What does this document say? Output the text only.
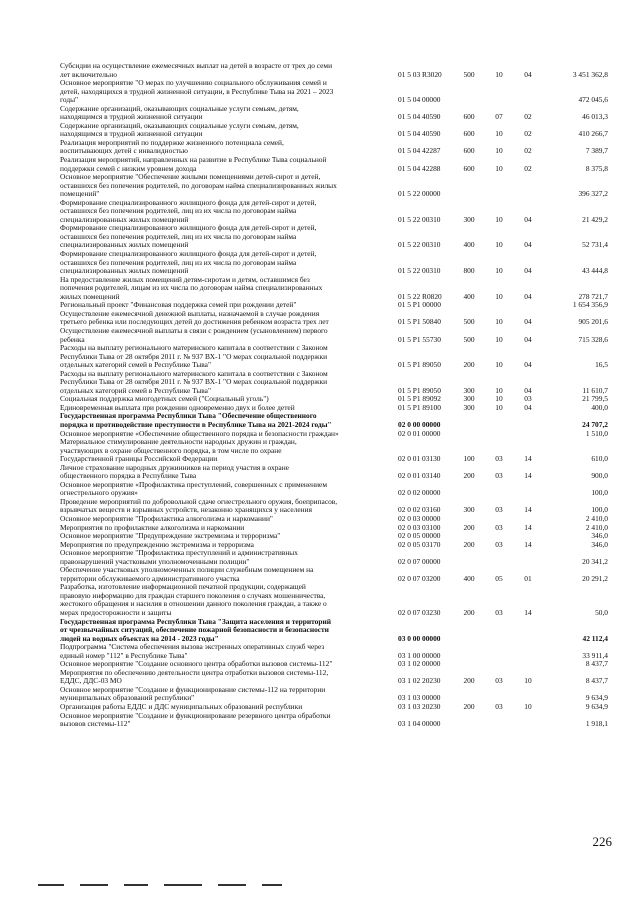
Субсидии на осуществление ежемесячных выплат на детей в возрасте от трех до семи
лет включительно	01 5 03 R3020	500	10	04	3 451 362,8
Основное мероприятие "О мерах по улучшению социального обслуживания семей и
детей, находящихся в трудной жизненной ситуации, в Республике Тыва на 2021 – 2023
годы"	01 5 04 00000	472 045,6
Содержание организаций, оказывающих социальные услуги семьям, детям,
находящимся в трудной жизненной ситуации	01 5 04 40590	600	07	02	46 013,3
Содержание организаций, оказывающих социальные услуги семьям, детям,
находящимся в трудной жизненной ситуации	01 5 04 40590	600	10	02	410 266,7
Реализация мероприятий по поддержке жизненного потенциала семей,
воспитывающих детей с инвалидностью	01 5 04 42287	600	10	02	7 389,7
Реализация мероприятий, направленных на развитие в Республике Тыва социальной
поддержки семей с низким уровнем дохода	01 5 04 42288	600	10	02	8 375,8
Основное мероприятие "Обеспечение жилыми помещениями детей-сирот и детей,
оставшихся без попечения родителей, по договорам найма специализированных жилых
помещений"	01 5 22 00000	396 327,2
Формирование специализированного жилищного фонда для детей-сирот и детей,
оставшихся без попечения родителей, лиц из их числа по договорам найма
специализированных жилых помещений	01 5 22 00310	300	10	04	21 429,2
Формирование специализированного жилищного фонда для детей-сирот и детей,
оставшихся без попечения родителей, лиц из их числа по договорам найма
специализированных жилых помещений	01 5 22 00310	400	10	04	52 731,4
Формирование специализированного жилищного фонда для детей-сирот и детей,
оставшихся без попечения родителей, лиц из их числа по договорам найма
специализированных жилых помещений	01 5 22 00310	800	10	04	43 444,8
На предоставление жилых помещений детям-сиротам и детям, оставшимся без
попечения родителей, лицам из их числа по договорам найма специализированных
жилых помещений	01 5 22 R0820	400	10	04	278 721,7
Региональный проект "Финансовая поддержка семей при рождении детей"	01 5 P1 00000	1 654 356,9
Осуществление ежемесячной денежной выплаты, назначаемой в случае рождения
третьего ребенка или последующих детей до достижения ребенком возраста трех лет	01 5 P1 50840	500	10	04	905 201,6
Осуществление ежемесячной выплаты в связи с рождением (усыновлением) первого
ребенка	01 5 P1 55730	500	10	04	715 328,6
Расходы на выплату регионального материнского капитала в соответствии с Законом
Республики Тыва от 28 октября 2011 г. № 937 ВХ-1 "О мерах социальной поддержки
отдельных категорий семей в Республике Тыва"	01 5 P1 89050	200	10	04	16,5
Расходы на выплату регионального материнского капитала в соответствии с Законом
Республики Тыва от 28 октября 2011 г. № 937 ВХ-1 "О мерах социальной поддержки
отдельных категорий семей в Республике Тыва"	01 5 P1 89050	300	10	04	11 610,7
Социальная поддержка многодетных семей ("Социальный уголь")	01 5 P1 89092	300	10	03	21 799,5
Единовременная выплата при рождении одновременно двух и более детей	01 5 P1 89100	300	10	04	400,0
Государственная программа Республики Тыва "Обеспечение общественного
порядка и противодействие преступности в Республике Тыва на 2021-2024 годы"	02 0 00 00000	24 707,2
Основное мероприятие «Обеспечение общественного порядка и безопасности граждан»	02 0 01 00000	1 510,0
Материальное стимулирование деятельности народных дружин и граждан,
участвующих в охране общественного порядка, в том числе по охране
Государственной границы Российской Федерации	02 0 01 03130	100	03	14	610,0
Личное страхование народных дружинников на период участия в охране
общественного порядка в Республике Тыва	02 0 01 03140	200	03	14	900,0
Основное мероприятие «Профилактика преступлений, совершенных с применением
огнестрельного оружия»	02 0 02 00000	100,0
Проведение мероприятий по добровольной сдаче огнестрельного оружия, боеприпасов,
взрывчатых веществ и взрывных устройств, незаконно хранящихся у населения	02 0 02 03160	300	03	14	100,0
Основное мероприятие "Профилактика алкоголизма и наркомании"	02 0 03 00000	2 410,0
Мероприятия по профилактике алкоголизма и наркомании	02 0 03 03100	200	03	14	2 410,0
Основное мероприятие "Предупреждение экстремизма и терроризма"	02 0 05 00000	346,0
Мероприятия по предупреждению экстремизма и терроризма	02 0 05 03170	200	03	14	346,0
Основное мероприятие "Профилактика преступлений и административных
правонарушений участковыми уполномоченными полиции"	02 0 07 00000	20 341,2
Обеспечение участковых уполномоченных полиции служебным помещением на
территории обслуживаемого административного участка	02 0 07 03200	400	05	01	20 291,2
Разработка, изготовление информационной печатной продукции, содержащей
правовую информацию для граждан старшего поколения о случаях мошенничества,
жестокого обращения и насилия в отношении данного поколения граждан, а также о
мерах предосторожности и защиты	02 0 07 03230	200	03	14	50,0
Государственная программа Республики Тыва "Защита населения и территорий
от чрезвычайных ситуаций, обеспечение пожарной безопасности и безопасности
людей на водных объектах на 2014 - 2023 годы"	03 0 00 00000	42 112,4
Подпрограмма "Система обеспечения вызова экстренных оперативных служб через
единый номер "112" в Республике Тыва"	03 1 00 00000	33 911,4
Основное мероприятие "Создание основного центра обработки вызовов системы-112"	03 1 02 00000	8 437,7
Мероприятия по обеспечению деятельности центра отработки вызовов системы-112,
ЕДДС, ДДС-03 МО	03 1 02 20230	200	03	10	8 437,7
Основное мероприятие "Создание и функционирование системы-112 на территории
муниципальных образований республики"	03 1 03 00000	9 634,9
Организация работы ЕДДС и ДДС муниципальных образований республики	03 1 03 20230	200	03	10	9 634,9
Основное мероприятие "Создание и функционирование резервного центра обработки
вызовов системы-112"	03 1 04 00000	1 918,1
226
